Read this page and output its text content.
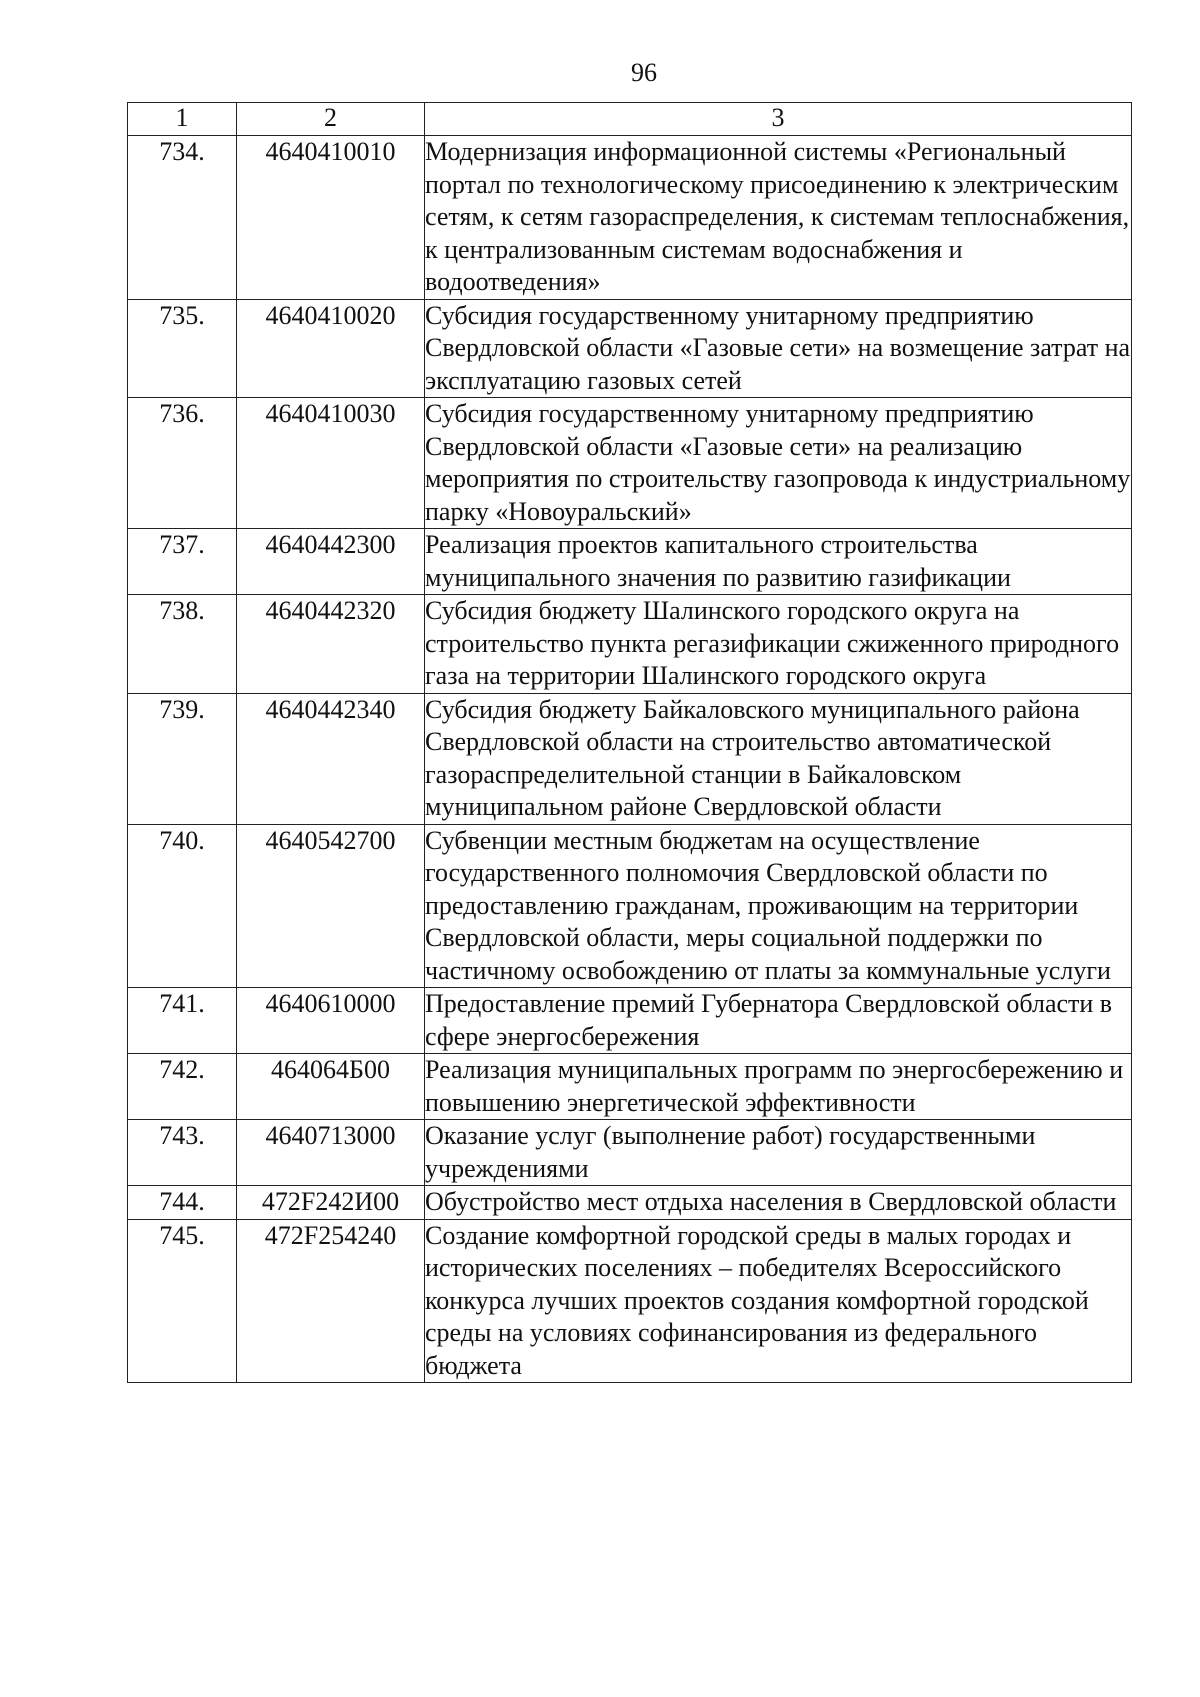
96
1	2	3
734.	4640410010	Модернизация информационной системы «Региональный портал по технологическому присоединению к электрическим сетям, к сетям газораспределения, к системам теплоснабжения, к централизованным системам водоснабжения и водоотведения»
735.	4640410020	Субсидия государственному унитарному предприятию Свердловской области «Газовые сети» на возмещение затрат на эксплуатацию газовых сетей
736.	4640410030	Субсидия государственному унитарному предприятию Свердловской области «Газовые сети» на реализацию мероприятия по строительству газопровода к индустриальному парку «Новоуральский»
737.	4640442300	Реализация проектов капитального строительства муниципального значения по развитию газификации
738.	4640442320	Субсидия бюджету Шалинского городского округа на строительство пункта регазификации сжиженного природного газа на территории Шалинского городского округа
739.	4640442340	Субсидия бюджету Байкаловского муниципального района Свердловской области на строительство автоматической газораспределительной станции в Байкаловском муниципальном районе Свердловской области
740.	4640542700	Субвенции местным бюджетам на осуществление государственного полномочия Свердловской области по предоставлению гражданам, проживающим на территории Свердловской области, меры социальной поддержки по частичному освобождению от платы за коммунальные услуги
741.	4640610000	Предоставление премий Губернатора Свердловской области в сфере энергосбережения
742.	464064Б00	Реализация муниципальных программ по энергосбережению и повышению энергетической эффективности
743.	4640713000	Оказание услуг (выполнение работ) государственными учреждениями
744.	472F242И00	Обустройство мест отдыха населения в Свердловской области
745.	472F254240	Создание комфортной городской среды в малых городах и исторических поселениях – победителях Всероссийского конкурса лучших проектов создания комфортной городской среды на условиях софинансирования из федерального бюджета
